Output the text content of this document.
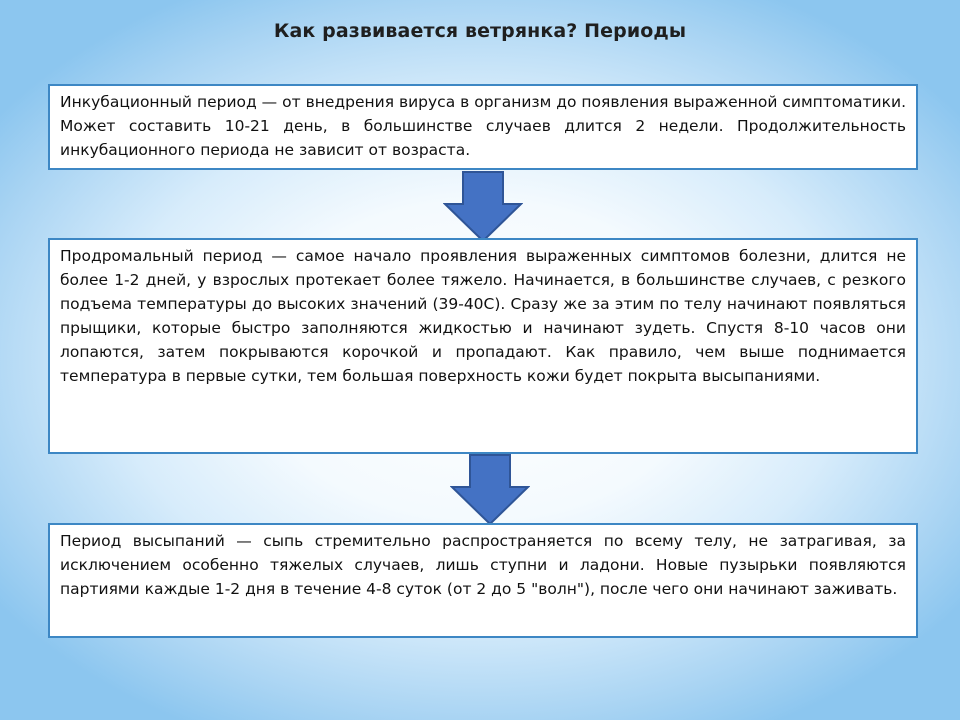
Как развивается ветрянка? Периоды

Инкубационный период — от внедрения вируса в организм до появления выраженной симптоматики. Может составить 10-21 день, в большинстве случаев длится 2 недели. Продолжительность инкубационного периода не зависит от возраста.

Продромальный период — самое начало проявления выраженных симптомов болезни, длится не более 1-2 дней, у взрослых протекает более тяжело. Начинается, в большинстве случаев, с резкого подъема температуры до высоких значений (39-40С). Сразу же за этим по телу начинают появляться прыщики, которые быстро заполняются жидкостью и начинают зудеть. Спустя 8-10 часов они лопаются, затем покрываются корочкой и пропадают. Как правило, чем выше поднимается температура в первые сутки, тем большая поверхность кожи будет покрыта высыпаниями.

Период высыпаний — сыпь стремительно распространяется по всему телу, не затрагивая, за исключением особенно тяжелых случаев, лишь ступни и ладони. Новые пузырьки появляются партиями каждые 1-2 дня в течение 4-8 суток (от 2 до 5 "волн"), после чего они начинают заживать.
